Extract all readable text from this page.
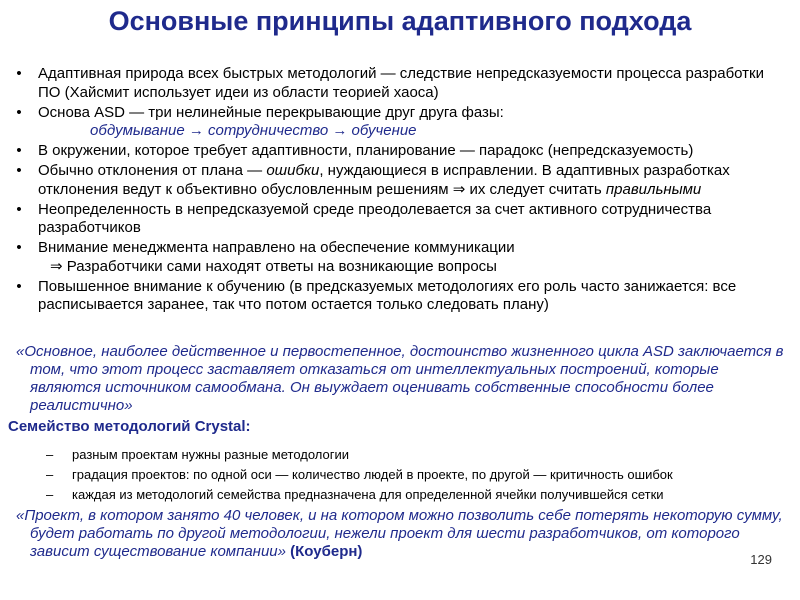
Основные принципы адаптивного подхода
• Адаптивная природа всех быстрых методологий — следствие непредсказуемости процесса разработки ПО (Хайсмит использует идеи из области теорией хаоса)
• Основа ASD — три нелинейные перекрывающие друг друга фазы:
обдумывание → сотрудничество → обучение
• В окружении, которое требует адаптивности, планирование — парадокс (непредсказуемость)
• Обычно отклонения от плана — ошибки, нуждающиеся в исправлении. В адаптивных разработках отклонения ведут к объективно обусловленным решениям ⇒ их следует считать правильными
• Неопределенность в непредсказуемой среде преодолевается за счет активного сотрудничества разработчиков
• Внимание менеджмента направлено на обеспечение коммуникации
⇒ Разработчики сами находят ответы на возникающие вопросы
• Повышенное внимание к обучению (в предсказуемых методологиях его роль часто занижается: все расписывается заранее, так что потом остается только следовать плану)
«Основное, наиболее действенное и первостепенное, достоинство жизненного цикла ASD заключается в том, что этот процесс заставляет отказаться от интеллектуальных построений, которые являются источником самообмана. Он выуждает оценивать собственные способности более реалистично»
Семейство методологий Crystal:
– разным проектам нужны разные методологии
– градация проектов: по одной оси — количество людей в проекте, по другой — критичность ошибок
– каждая из методологий семейства предназначена для определенной ячейки получившейся сетки
«Проект, в котором занято 40 человек, и на котором можно позволить себе потерять некоторую сумму, будет работать по другой методологии, нежели проект для шести разработчиков, от которого зависит существование компании» (Коуберн)	129
